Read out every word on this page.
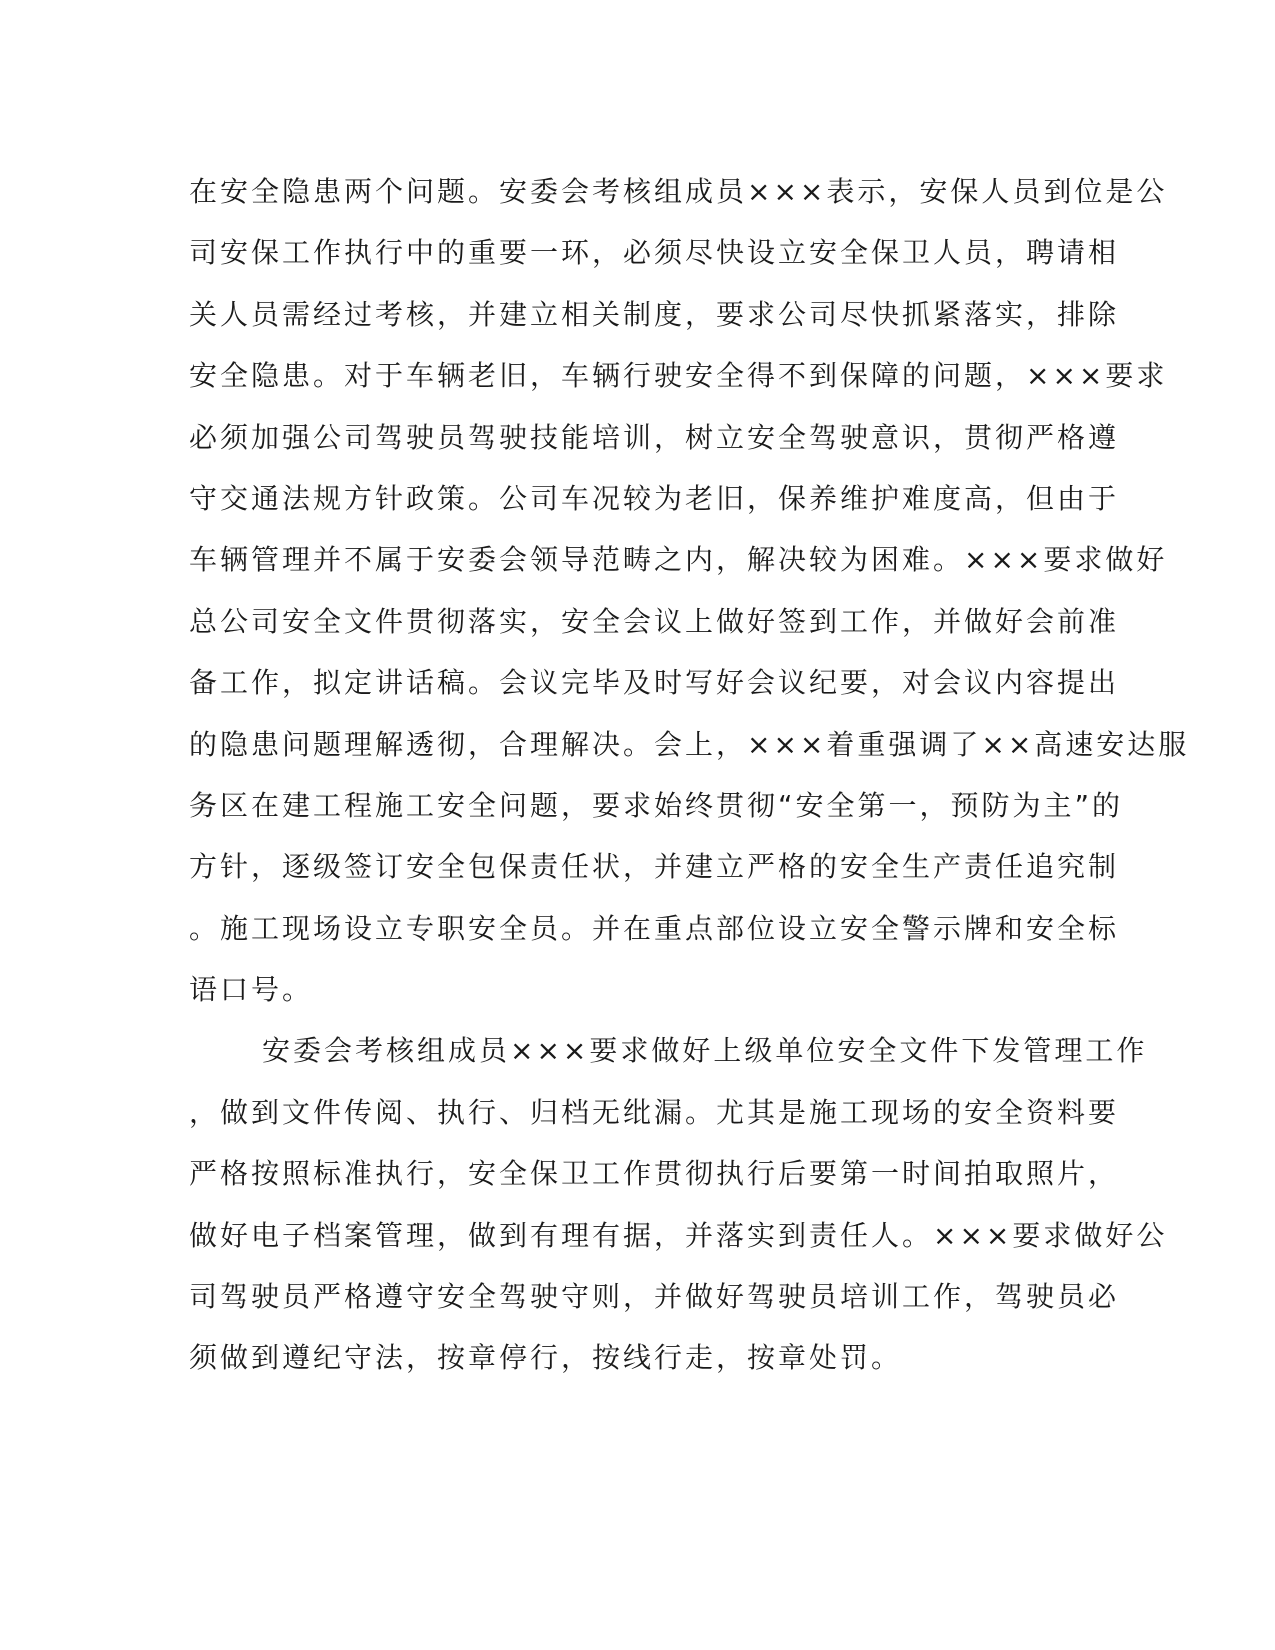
在安全隐患两个问题。安委会考核组成员×××表示，安保人员到位是公
司安保工作执行中的重要一环，必须尽快设立安全保卫人员，聘请相
关人员需经过考核，并建立相关制度，要求公司尽快抓紧落实，排除
安全隐患。对于车辆老旧，车辆行驶安全得不到保障的问题，×××要求
必须加强公司驾驶员驾驶技能培训，树立安全驾驶意识，贯彻严格遵
守交通法规方针政策。公司车况较为老旧，保养维护难度高，但由于
车辆管理并不属于安委会领导范畴之内，解决较为困难。×××要求做好
总公司安全文件贯彻落实，安全会议上做好签到工作，并做好会前准
备工作，拟定讲话稿。会议完毕及时写好会议纪要，对会议内容提出
的隐患问题理解透彻，合理解决。会上，×××着重强调了××高速安达服
务区在建工程施工安全问题，要求始终贯彻“安全第一，预防为主”的
方针，逐级签订安全包保责任状，并建立严格的安全生产责任追究制
。施工现场设立专职安全员。并在重点部位设立安全警示牌和安全标
语口号。
安委会考核组成员×××要求做好上级单位安全文件下发管理工作
，做到文件传阅、执行、归档无纰漏。尤其是施工现场的安全资料要
严格按照标准执行，安全保卫工作贯彻执行后要第一时间拍取照片，
做好电子档案管理，做到有理有据，并落实到责任人。×××要求做好公
司驾驶员严格遵守安全驾驶守则，并做好驾驶员培训工作，驾驶员必
须做到遵纪守法，按章停行，按线行走，按章处罚。
